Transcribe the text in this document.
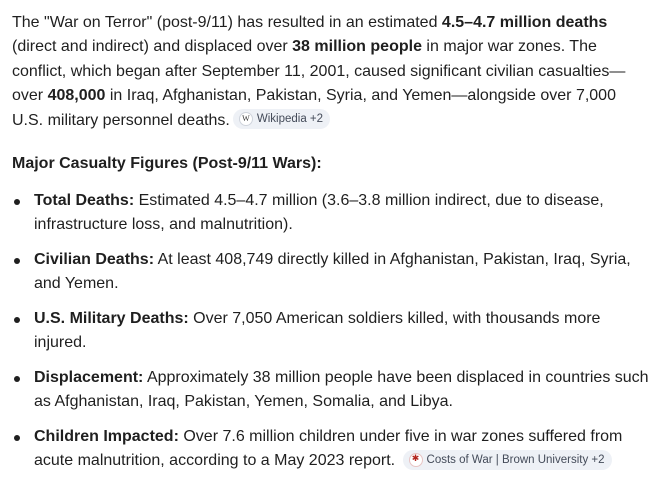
The "War on Terror" (post-9/11) has resulted in an estimated 4.5–4.7 million deaths (direct and indirect) and displaced over 38 million people in major war zones. The conflict, which began after September 11, 2001, caused significant civilian casualties—over 408,000 in Iraq, Afghanistan, Pakistan, Syria, and Yemen—alongside over 7,000 U.S. military personnel deaths.	W Wikipedia +2

Major Casualty Figures (Post-9/11 Wars):
Total Deaths: Estimated 4.5–4.7 million (3.6–3.8 million indirect, due to disease, infrastructure loss, and malnutrition).
Civilian Deaths: At least 408,749 directly killed in Afghanistan, Pakistan, Iraq, Syria, and Yemen.
U.S. Military Deaths: Over 7,050 American soldiers killed, with thousands more injured.
Displacement: Approximately 38 million people have been displaced in countries such as Afghanistan, Iraq, Pakistan, Yemen, Somalia, and Libya.
Children Impacted: Over 7.6 million children under five in war zones suffered from acute malnutrition, according to a May 2023 report.	✱ Costs of War | Brown University +2
